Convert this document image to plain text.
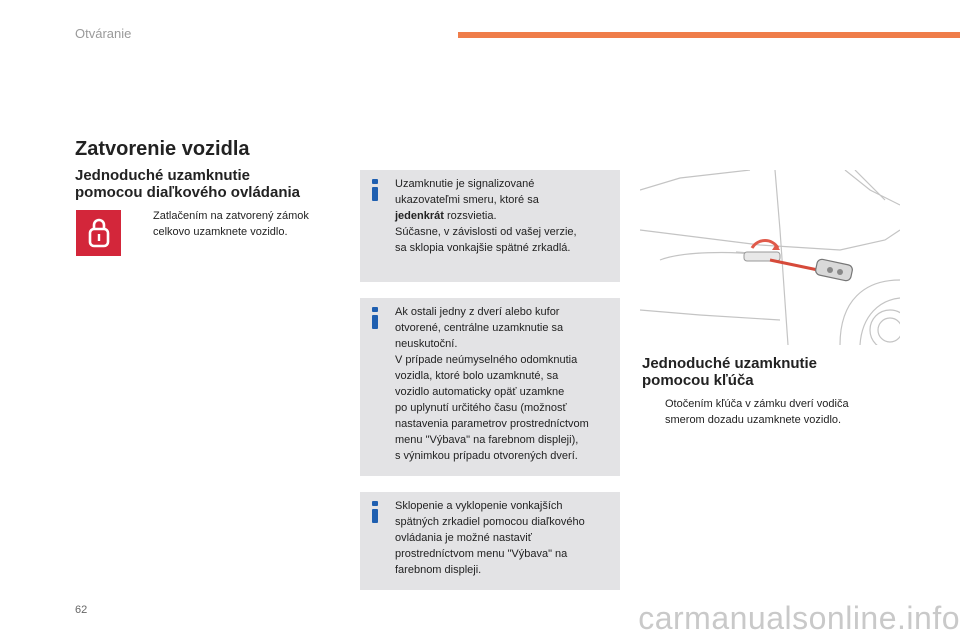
Otváranie
Zatvorenie vozidla
Jednoduché uzamknutie
pomocou diaľkového ovládania
Zatlačením na zatvorený zámok
celkovo uzamknete vozidlo.
Uzamknutie je signalizované
ukazovateľmi smeru, ktoré sa
jedenkrát rozsvietia.
Súčasne, v závislosti od vašej verzie,
sa sklopia vonkajšie spätné zrkadlá.
Ak ostali jedny z dverí alebo kufor
otvorené, centrálne uzamknutie sa
neuskutoční.
V prípade neúmyselného odomknutia
vozidla, ktoré bolo uzamknuté, sa
vozidlo automaticky opäť uzamkne
po uplynutí určitého času (možnosť
nastavenia parametrov prostredníctvom
menu "Výbava" na farebnom displeji),
s výnimkou prípadu otvorených dverí.
Sklopenie a vyklopenie vonkajších
spätných zrkadiel pomocou diaľkového
ovládania je možné nastaviť
prostredníctvom menu "Výbava" na
farebnom displeji.
Jednoduché uzamknutie
pomocou kľúča
Otočením kľúča v zámku dverí vodiča
smerom dozadu uzamknete vozidlo.
62	carmanualsonline.info
